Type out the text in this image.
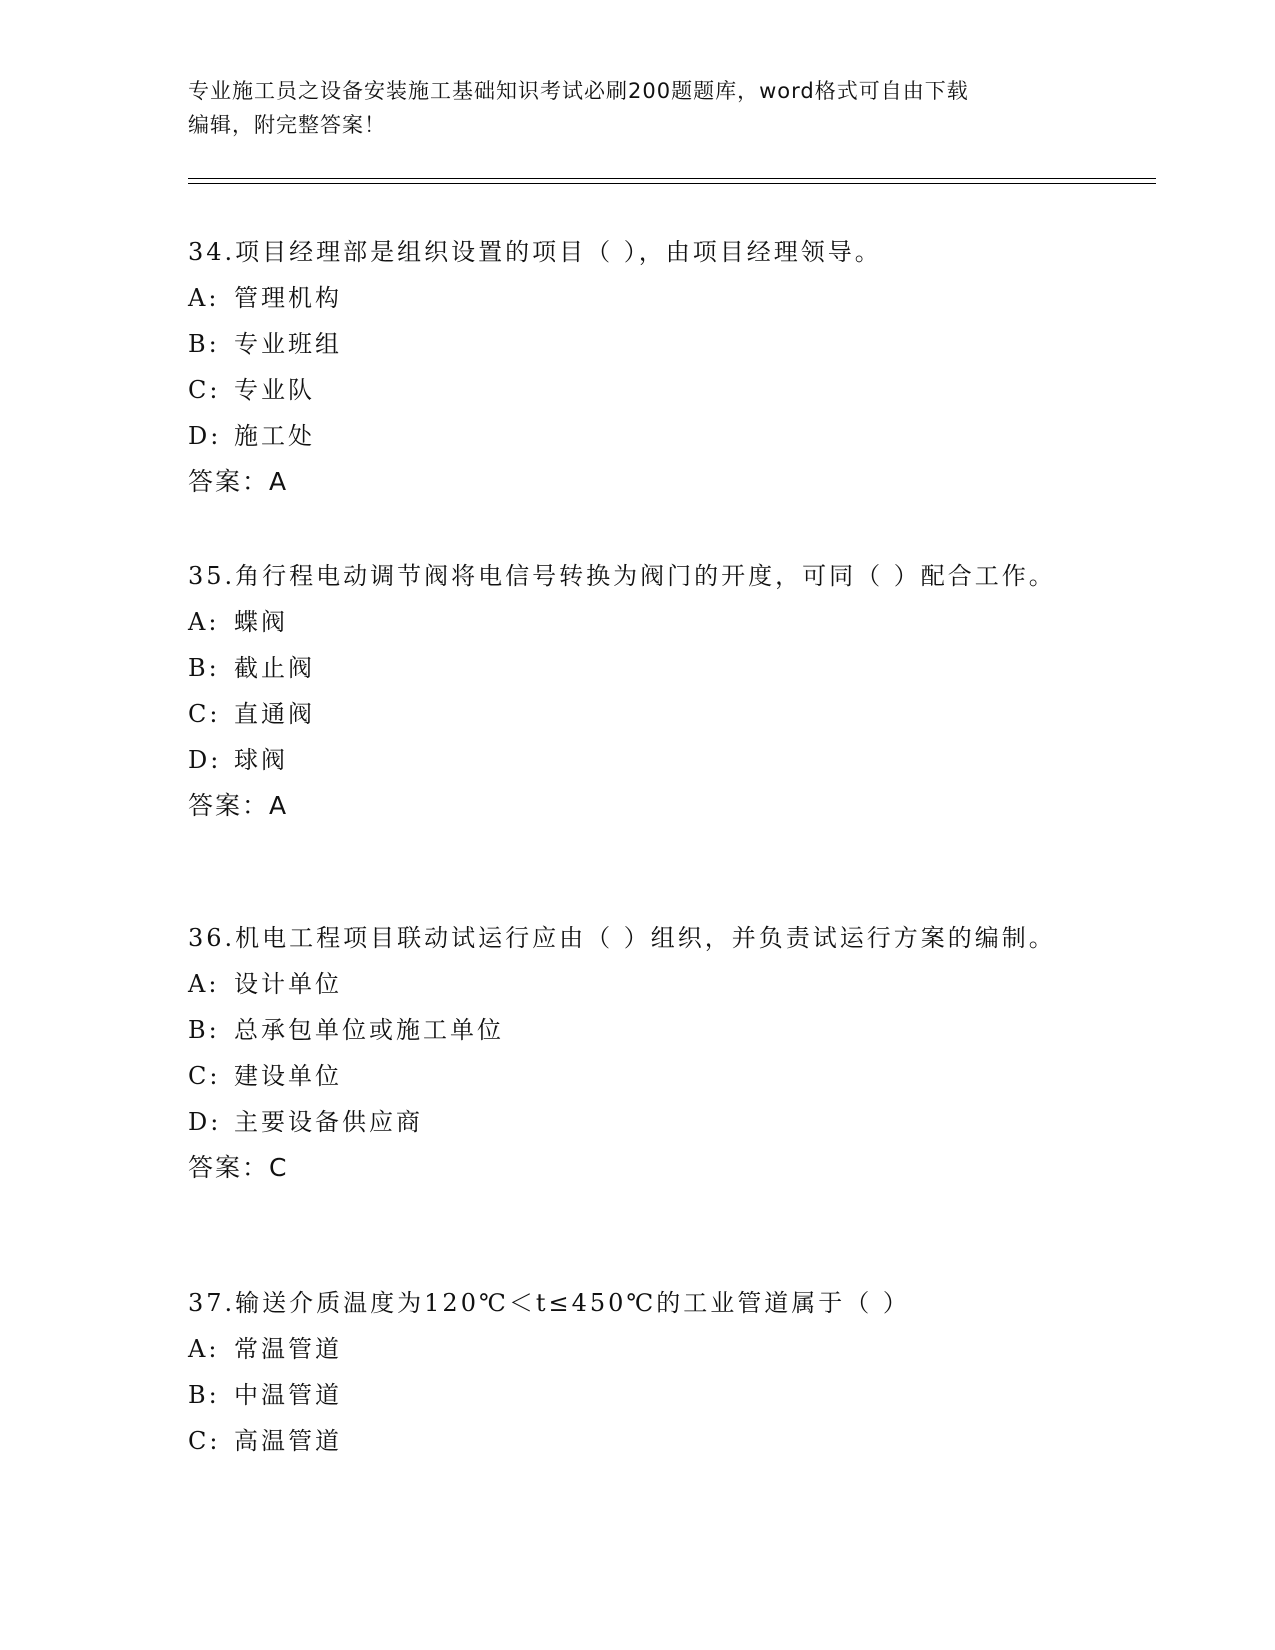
专业施工员之设备安装施工基础知识考试必刷200题题库，word格式可自由下载
编辑，附完整答案！

34.项目经理部是组织设置的项目（ ），由项目经理领导。

A: 管理机构

B: 专业班组

C: 专业队

D: 施工处

答案：A

35.角行程电动调节阀将电信号转换为阀门的开度，可同（ ）配合工作。

A: 蝶阀

B: 截止阀

C: 直通阀

D: 球阀

答案：A

36.机电工程项目联动试运行应由（ ）组织，并负责试运行方案的编制。

A: 设计单位

B: 总承包单位或施工单位

C: 建设单位

D: 主要设备供应商

答案：C

37.输送介质温度为120℃＜t≤450℃的工业管道属于（ ）

A: 常温管道

B: 中温管道

C: 高温管道
